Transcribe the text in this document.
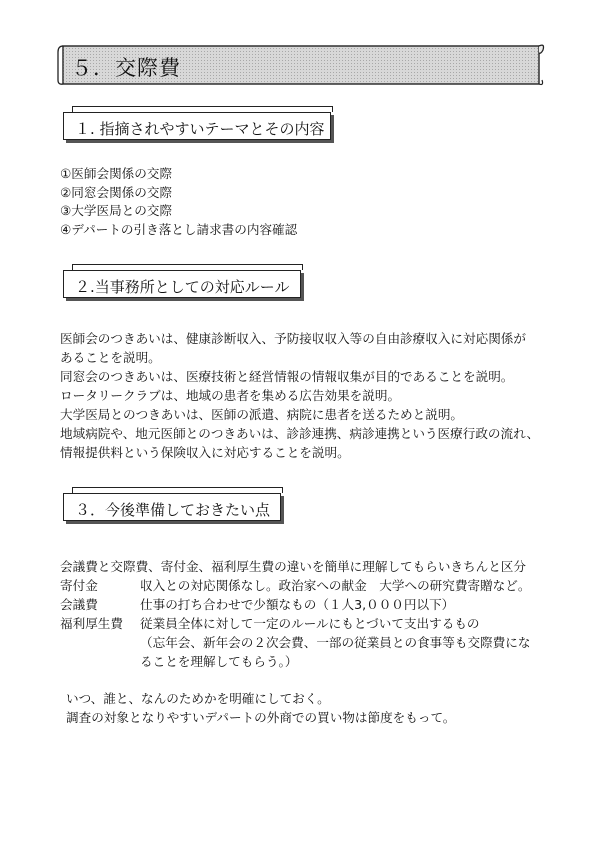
５．交際費
１. 指摘されやすいテーマとその内容
①医師会関係の交際
②同窓会関係の交際
③大学医局との交際
④デパートの引き落とし請求書の内容確認
２.当事務所としての対応ルール
医師会のつきあいは、健康診断収入、予防接収収入等の自由診療収入に対応関係が
あることを説明。
同窓会のつきあいは、医療技術と経営情報の情報収集が目的であることを説明。
ロータリークラブは、地域の患者を集める広告効果を説明。
大学医局とのつきあいは、医師の派遣、病院に患者を送るためと説明。
地域病院や、地元医師とのつきあいは、診診連携、病診連携という医療行政の流れ、
情報提供料という保険収入に対応することを説明。
３．今後準備しておきたい点
会議費と交際費、寄付金、福利厚生費の違いを簡単に理解してもらいきちんと区分
寄付金	収入との対応関係なし。政治家への献金　大学への研究費寄贈など。
会議費	仕事の打ち合わせで少額なもの（１人3,０００円以下）
福利厚生費 従業員全体に対して一定のルールにもとづいて支出するもの
（忘年会、新年会の２次会費、一部の従業員との食事等も交際費にな
ることを理解してもらう。）
いつ、誰と、なんのためかを明確にしておく。
調査の対象となりやすいデパートの外商での買い物は節度をもって。
